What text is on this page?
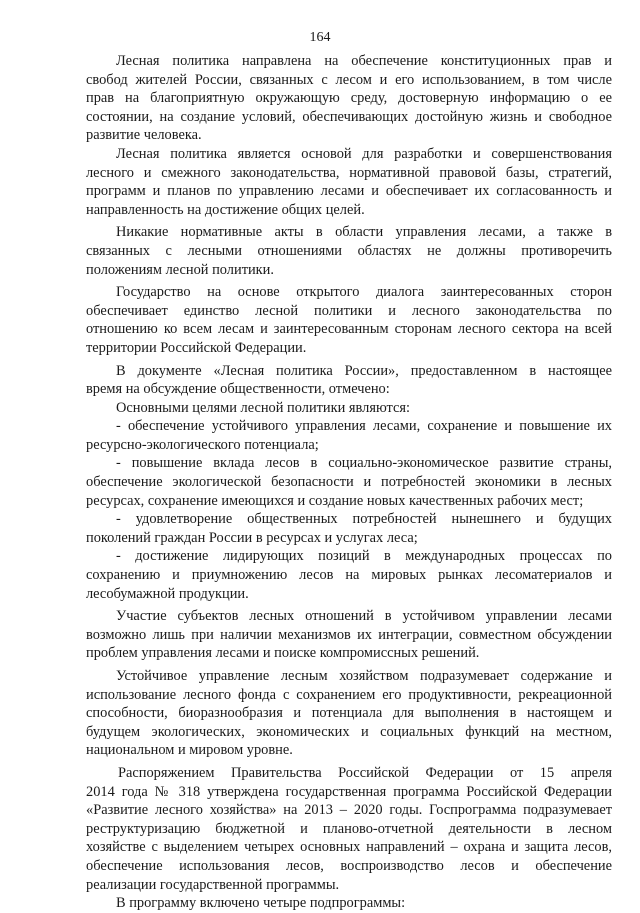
164
Лесная политика направлена на обеспечение конституционных прав и
свобод жителей России, связанных с лесом и его использованием, в том числе
прав на благоприятную окружающую среду, достоверную информацию о ее
состоянии, на создание условий, обеспечивающих достойную жизнь и свободное
развитие человека.
Лесная политика является основой для разработки и совершенствования
лесного и смежного законодательства, нормативной правовой базы, стратегий,
программ и планов по управлению лесами и обеспечивает их согласованность и
направленность на достижение общих целей.
Никакие нормативные акты в области управления лесами, а также в
связанных с лесными отношениями областях не должны противоречить
положениям лесной политики.
Государство на основе открытого диалога заинтересованных сторон
обеспечивает единство лесной политики и лесного законодательства по
отношению ко всем лесам и заинтересованным сторонам лесного сектора на всей
территории Российской Федерации.
В документе «Лесная политика России», предоставленном в настоящее
время на обсуждение общественности, отмечено:
Основными целями лесной политики являются:
- обеспечение устойчивого управления лесами, сохранение и повышение их
ресурсно-экологического потенциала;
- повышение вклада лесов в социально-экономическое развитие страны,
обеспечение экологической безопасности и потребностей экономики в лесных
ресурсах, сохранение имеющихся и создание новых качественных рабочих мест;
- удовлетворение общественных потребностей нынешнего и будущих
поколений граждан России в ресурсах и услугах леса;
- достижение лидирующих позиций в международных процессах по
сохранению и приумножению лесов на мировых рынках лесоматериалов и
лесобумажной продукции.
Участие субъектов лесных отношений в устойчивом управлении лесами
возможно лишь при наличии механизмов их интеграции, совместном обсуждении
проблем управления лесами и поиске компромиссных решений.
Устойчивое управление лесным хозяйством подразумевает содержание и
использование лесного фонда с сохранением его продуктивности, рекреационной
способности, биоразнообразия и потенциала для выполнения в настоящем и
будущем экологических, экономических и социальных функций на местном,
национальном и мировом уровне.
Распоряжением Правительства Российской Федерации от 15 апреля
2014 года № 318 утверждена государственная программа Российской Федерации
«Развитие лесного хозяйства» на 2013 – 2020 годы. Госпрограмма подразумевает
реструктуризацию бюджетной и планово-отчетной деятельности в лесном
хозяйстве с выделением четырех основных направлений – охрана и защита лесов,
обеспечение использования лесов, воспроизводство лесов и обеспечение
реализации государственной программы.
В программу включено четыре подпрограммы:
